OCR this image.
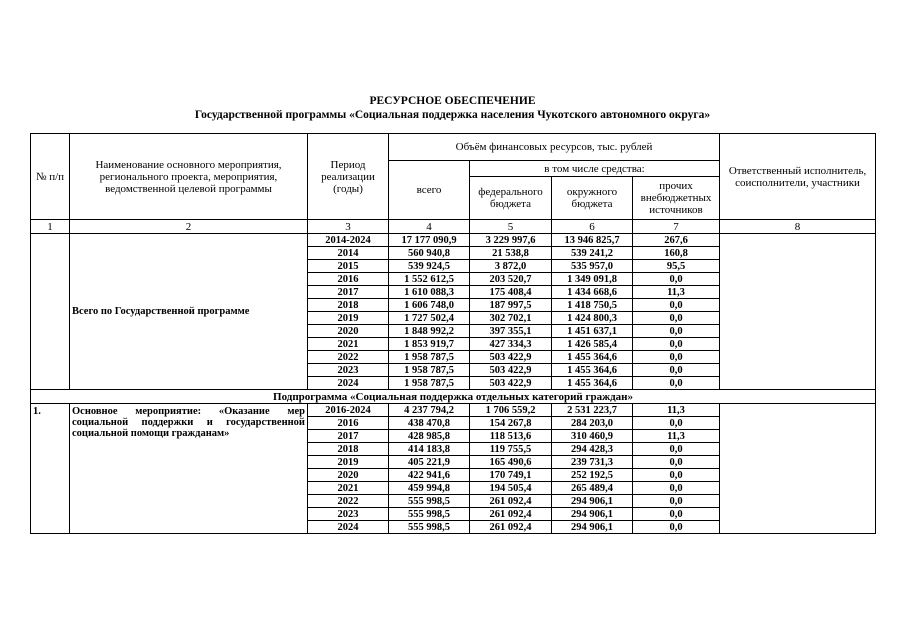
РЕСУРСНОЕ ОБЕСПЕЧЕНИЕ
Государственной программы «Социальная поддержка населения Чукотского автономного округа»
№ п/п	Наименование основного мероприятия, регионального проекта, мероприятия, ведомственной целевой программы	Период реализации (годы)	Объём финансовых ресурсов, тыс. рублей				Ответственный исполнитель, соисполнители, участники
			всего	в том числе средства:			
				федерального бюджета	окружного бюджета	прочих внебюджетных источников	
1	2	3	4	5	6	7	8
	Всего по Государственной программе	2014-2024	17 177 090,9	3 229 997,6	13 946 825,7	267,6	
		2014	560 940,8	21 538,8	539 241,2	160,8	
		2015	539 924,5	3 872,0	535 957,0	95,5	
		2016	1 552 612,5	203 520,7	1 349 091,8	0,0	
		2017	1 610 088,3	175 408,4	1 434 668,6	11,3	
		2018	1 606 748,0	187 997,5	1 418 750,5	0,0	
		2019	1 727 502,4	302 702,1	1 424 800,3	0,0	
		2020	1 848 992,2	397 355,1	1 451 637,1	0,0	
		2021	1 853 919,7	427 334,3	1 426 585,4	0,0	
		2022	1 958 787,5	503 422,9	1 455 364,6	0,0	
		2023	1 958 787,5	503 422,9	1 455 364,6	0,0	
		2024	1 958 787,5	503 422,9	1 455 364,6	0,0	
Подпрограмма «Социальная поддержка отдельных категорий граждан»							
1.	Основное мероприятие: «Оказание мер социальной поддержки и государственной социальной помощи гражданам»	2016-2024	4 237 794,2	1 706 559,2	2 531 223,7	11,3	
		2016	438 470,8	154 267,8	284 203,0	0,0	
		2017	428 985,8	118 513,6	310 460,9	11,3	
		2018	414 183,8	119 755,5	294 428,3	0,0	
		2019	405 221,9	165 490,6	239 731,3	0,0	
		2020	422 941,6	170 749,1	252 192,5	0,0	
		2021	459 994,8	194 505,4	265 489,4	0,0	
		2022	555 998,5	261 092,4	294 906,1	0,0	
		2023	555 998,5	261 092,4	294 906,1	0,0	
		2024	555 998,5	261 092,4	294 906,1	0,0	
